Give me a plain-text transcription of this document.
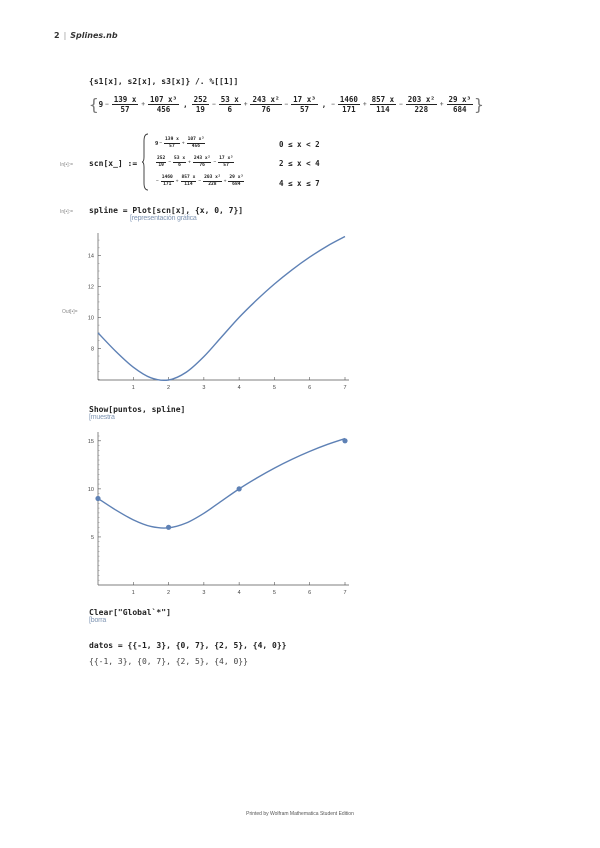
2 | Splines.nb
{s1[x], s2[x], s3[x]} /. %[[1]]
{ $9 - \frac{139 x}{57} + \frac{\text{107 x³}}{456}$ , $\frac{252}{19} - \frac{53 x}{6} + \frac{\text{243 x²}}{76} - \frac{\text{17 x³}}{57}$ , − $\frac{1460}{171} + \frac{857 x}{114} - \frac{\text{203 x²}}{228} + \frac{\text{29 x³}}{684}$ }
In[•]:= scn[x_] :=
$9 - \frac{139 x}{57} + \frac{\text{107 x³}}{456}$	0 ≤ x < 2
$\frac{252}{19} - \frac{53 x}{6} + \frac{\text{243 x²}}{76} - \frac{\text{17 x³}}{57}$	2 ≤ x < 4
− $\frac{1460}{171} + \frac{857 x}{114} - \frac{\text{203 x²}}{228} + \frac{\text{29 x³}}{684}$	4 ≤ x ≤ 7
In[•]:= spline = Plot[scn[x], {x, 0, 7}]
[representación gráfica
Out[•]=
1	2	3	4	5	6	7
8
10
12
14
Show[puntos, spline]
[muestra
1	2	3	4	5	6	7
5
10
15
Clear["Global`*"]
[borra
datos = {{-1, 3}, {0, 7}, {2, 5}, {4, 0}}
{{-1, 3}, {0, 7}, {2, 5}, {4, 0}}
Printed by Wolfram Mathematica Student Edition
